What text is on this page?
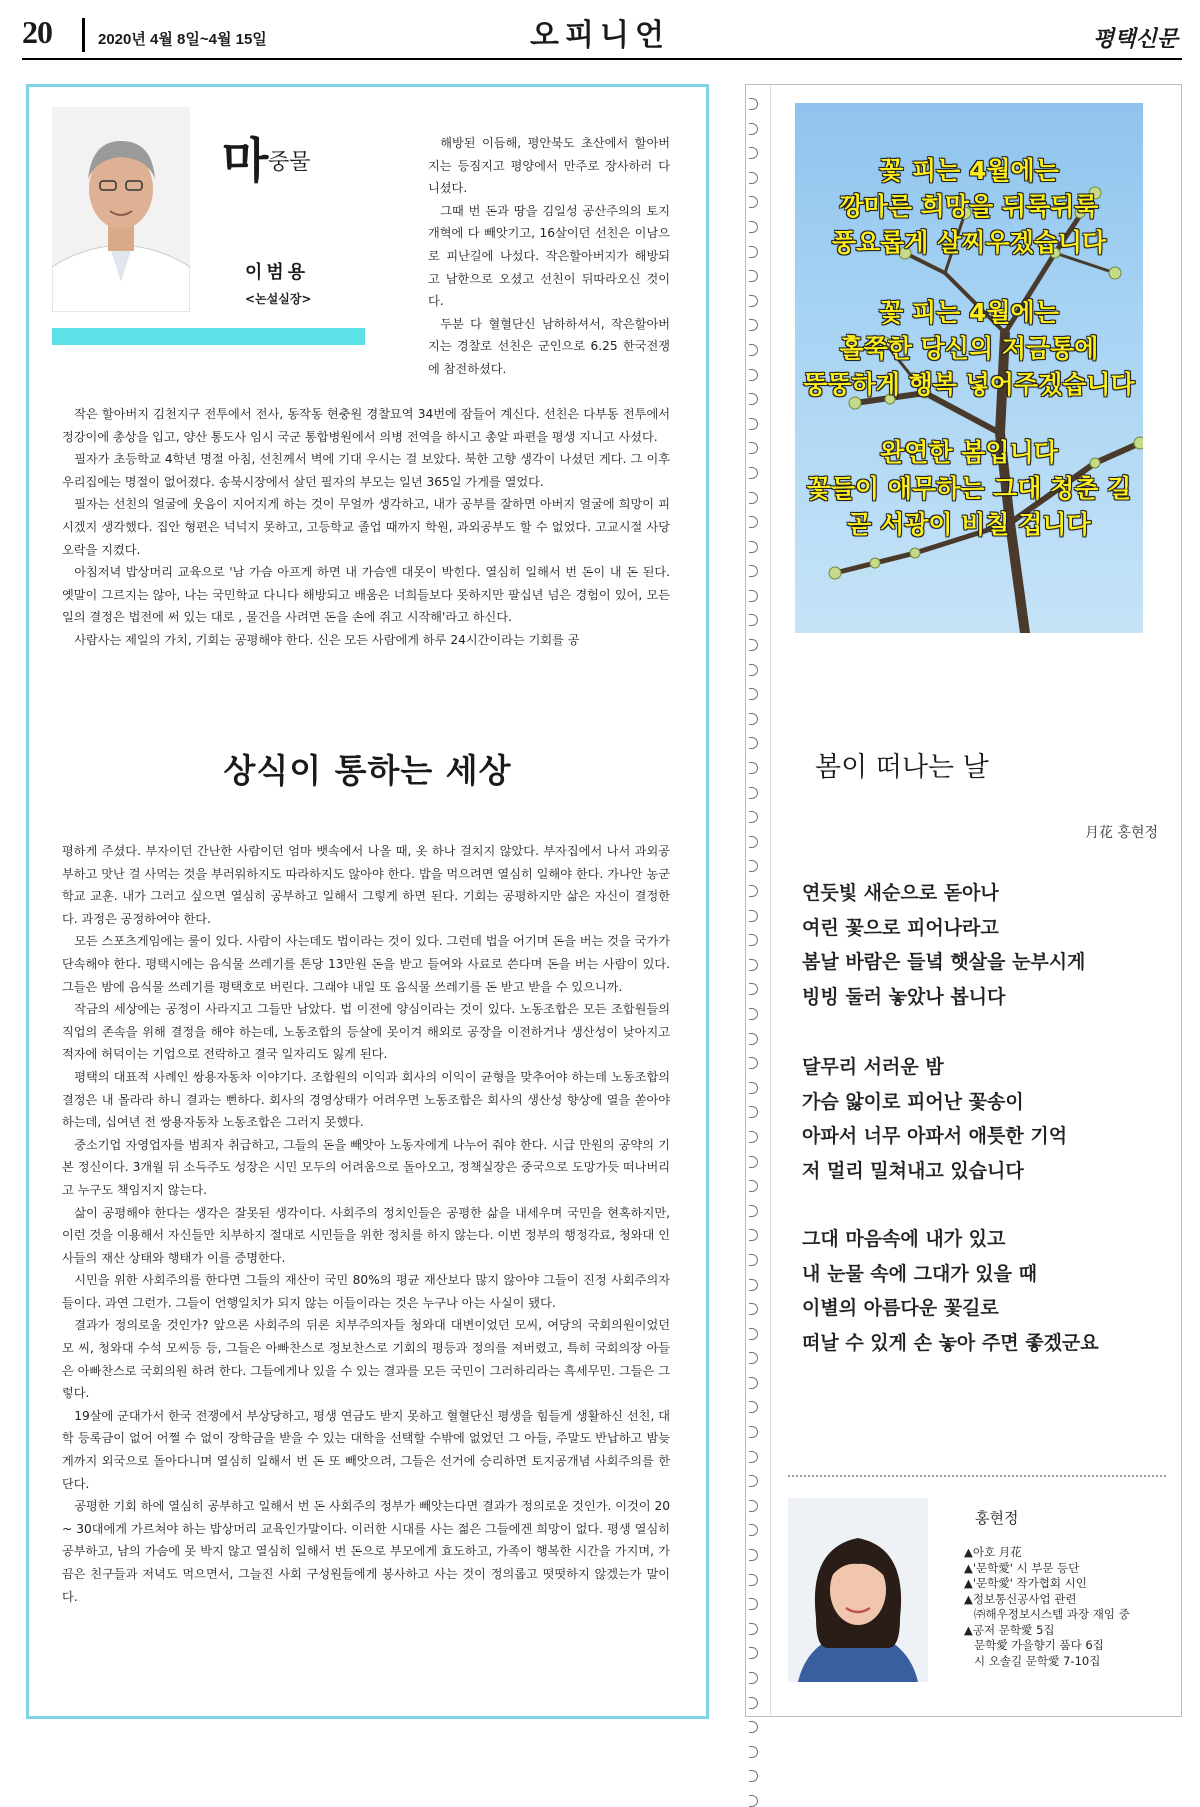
20	2020년 4월 8일~4월 15일	오피니언	평택신문
마 중물
이범용
<논설실장>

해방된 이듬해, 평안북도 초산에서 할아버지는 등짐지고 평양에서 만주로 장사하러 다니셨다.

그때 번 돈과 땅을 김일성 공산주의의 토지개혁에 다 빼앗기고, 16살이던 선친은 이남으로 피난길에 나섰다. 작은할아버지가 해방되고 남한으로 오셨고 선친이 뒤따라오신 것이다.

두분 다 혈혈단신 남하하셔서, 작은할아버지는 경찰로 선친은 군인으로 6.25 한국전쟁에 참전하셨다.

작은 할아버지 김천지구 전투에서 전사, 동작동 현충원 경찰묘역 34번에 잠들어 계신다. 선친은 다부동 전투에서 정강이에 총상을 입고, 양산 통도사 임시 국군 통합병원에서 의병 전역을 하시고 총알 파편을 평생 지니고 사셨다.

필자가 초등학교 4학년 명절 아침, 선친께서 벽에 기대 우시는 걸 보았다. 북한 고향 생각이 나셨던 게다. 그 이후 우리집에는 명절이 없어졌다. 송북시장에서 살던 필자의 부모는 일년 365일 가게를 열었다.

필자는 선친의 얼굴에 웃음이 지어지게 하는 것이 무얼까 생각하고, 내가 공부를 잘하면 아버지 얼굴에 희망이 피시겠지 생각했다. 집안 형편은 넉넉지 못하고, 고등학교 졸업 때까지 학원, 과외공부도 할 수 없었다. 고교시절 사당오락을 지켰다.

아침저녁 밥상머리 교육으로 '남 가슴 아프게 하면 내 가슴엔 대못이 박힌다. 열심히 일해서 번 돈이 내 돈 된다. 옛말이 그르지는 않아, 나는 국민학교 다니다 해방되고 배움은 너희들보다 못하지만 팔십년 넘은 경험이 있어, 모든 일의 결정은 법전에 써 있는 대로 , 물건을 사려면 돈을 손에 쥐고 시작해'라고 하신다.

사람사는 제일의 가치, 기회는 공평해야 한다. 신은 모든 사람에게 하루 24시간이라는 기회를 공

상식이 통하는 세상

평하게 주셨다. 부자이던 간난한 사람이던 엄마 뱃속에서 나올 때, 옷 하나 걸치지 않았다. 부자집에서 나서 과외공부하고 맛난 걸 사먹는 것을 부러워하지도 따라하지도 않아야 한다. 밥을 먹으려면 열심히 일해야 한다. 가나안 농군학교 교훈. 내가 그러고 싶으면 열심히 공부하고 일해서 그렇게 하면 된다. 기회는 공평하지만 삶은 자신이 결정한다. 과정은 공정하여야 한다.

모든 스포츠게임에는 룰이 있다. 사람이 사는데도 법이라는 것이 있다. 그런데 법을 어기며 돈을 버는 것을 국가가 단속해야 한다. 평택시에는 음식물 쓰레기를 톤당 13만원 돈을 받고 들여와 사료로 쓴다며 돈을 버는 사람이 있다. 그들은 밤에 음식물 쓰레기를 평택호로 버린다. 그래야 내일 또 음식물 쓰레기를 돈 받고 받을 수 있으니까.

작금의 세상에는 공정이 사라지고 그들만 남았다. 법 이전에 양심이라는 것이 있다. 노동조합은 모든 조합원들의 직업의 존속을 위해 결정을 해야 하는데, 노동조합의 등살에 못이겨 해외로 공장을 이전하거나 생산성이 낮아지고 적자에 허덕이는 기업으로 전락하고 결국 일자리도 잃게 된다.

평택의 대표적 사례인 쌍용자동차 이야기다. 조합원의 이익과 회사의 이익이 균형을 맞추어야 하는데 노동조합의 결정은 내 몰라라 하니 결과는 뻔하다. 회사의 경영상태가 어려우면 노동조합은 회사의 생산성 향상에 열을 쏟아야 하는데, 십여년 전 쌍용자동차 노동조합은 그러지 못했다.

중소기업 자영업자를 범죄자 취급하고, 그들의 돈을 빼앗아 노동자에게 나누어 줘야 한다. 시급 만원의 공약의 기본 정신이다. 3개월 뒤 소득주도 성장은 시민 모두의 어려움으로 돌아오고, 정책실장은 중국으로 도망가듯 떠나버리고 누구도 책임지지 않는다.

삶이 공평해야 한다는 생각은 잘못된 생각이다. 사회주의 정치인들은 공평한 삶을 내세우며 국민을 현혹하지만, 이런 것을 이용해서 자신들만 치부하지 절대로 시민들을 위한 정치를 하지 않는다. 이번 정부의 행정각료, 청와대 인사들의 재산 상태와 행태가 이를 증명한다.

시민을 위한 사회주의를 한다면 그들의 재산이 국민 80%의 평균 재산보다 많지 않아야 그들이 진정 사회주의자들이다. 과연 그런가. 그들이 언행일치가 되지 않는 이들이라는 것은 누구나 아는 사실이 됐다.

결과가 정의로울 것인가? 앞으론 사회주의 뒤론 치부주의자들 청와대 대변이었던 모씨, 여당의 국회의원이었던 모 씨, 청와대 수석 모씨등 등, 그들은 아빠찬스로 정보찬스로 기회의 평등과 정의를 져버렸고, 특히 국회의장 아들은 아빠찬스로 국회의원 하려 한다. 그들에게나 있을 수 있는 결과를 모든 국민이 그러하리라는 흑세무민. 그들은 그렇다.

19살에 군대가서 한국 전쟁에서 부상당하고, 평생 연금도 받지 못하고 혈혈단신 평생을 힘들게 생활하신 선친, 대학 등록금이 없어 어쩔 수 없이 장학금을 받을 수 있는 대학을 선택할 수밖에 없었던 그 아들, 주말도 반납하고 밤늦게까지 외국으로 돌아다니며 열심히 일해서 번 돈 또 빼앗으려, 그들은 선거에 승리하면 토지공개념 사회주의를 한단다.

공평한 기회 하에 열심히 공부하고 일해서 번 돈 사회주의 정부가 빼앗는다면 결과가 정의로운 것인가. 이것이 20 ~ 30대에게 가르쳐야 하는 밥상머리 교육인가말이다. 이러한 시대를 사는 젊은 그들에겐 희망이 없다. 평생 열심히 공부하고, 남의 가슴에 못 박지 않고 열심히 일해서 번 돈으로 부모에게 효도하고, 가족이 행복한 시간을 가지며, 가끔은 친구들과 저녁도 먹으면서, 그늘진 사회 구성원들에게 봉사하고 사는 것이 정의롭고 떳떳하지 않겠는가 말이다.

꽃 피는 4월에는
깡마른 희망을 뒤룩뒤룩
풍요롭게 살찌우겠습니다
꽃 피는 4월에는
홀쭉한 당신의 저금통에
뚱뚱하게 행복 넣어주겠습니다
완연한 봄입니다
꽃들이 애무하는 그대 청춘 길
곧 서광이 비칠 겁니다
봄이 떠나는 날
月花 홍현정
연둣빛 새순으로 돋아나
여린 꽃으로 피어나라고
봄날 바람은 들녘 햇살을 눈부시게
빙빙 둘러 놓았나 봅니다
달무리 서러운 밤
가슴 앓이로 피어난 꽃송이
아파서 너무 아파서 애틋한 기억
저 멀리 밀쳐내고 있습니다
그대 마음속에 내가 있고
내 눈물 속에 그대가 있을 때
이별의 아름다운 꽃길로
떠날 수 있게 손 놓아 주면 좋겠군요
홍현정
▲아호 月花
▲'문학愛' 시 부문 등단
▲'문학愛' 작가협회 시인
▲정보통신공사업 관련
㈜해우정보시스템 과장 재임 중
▲공저 문학愛 5집
문학愛 가을향기 품다 6집
시 오솔길 문학愛 7-10집
